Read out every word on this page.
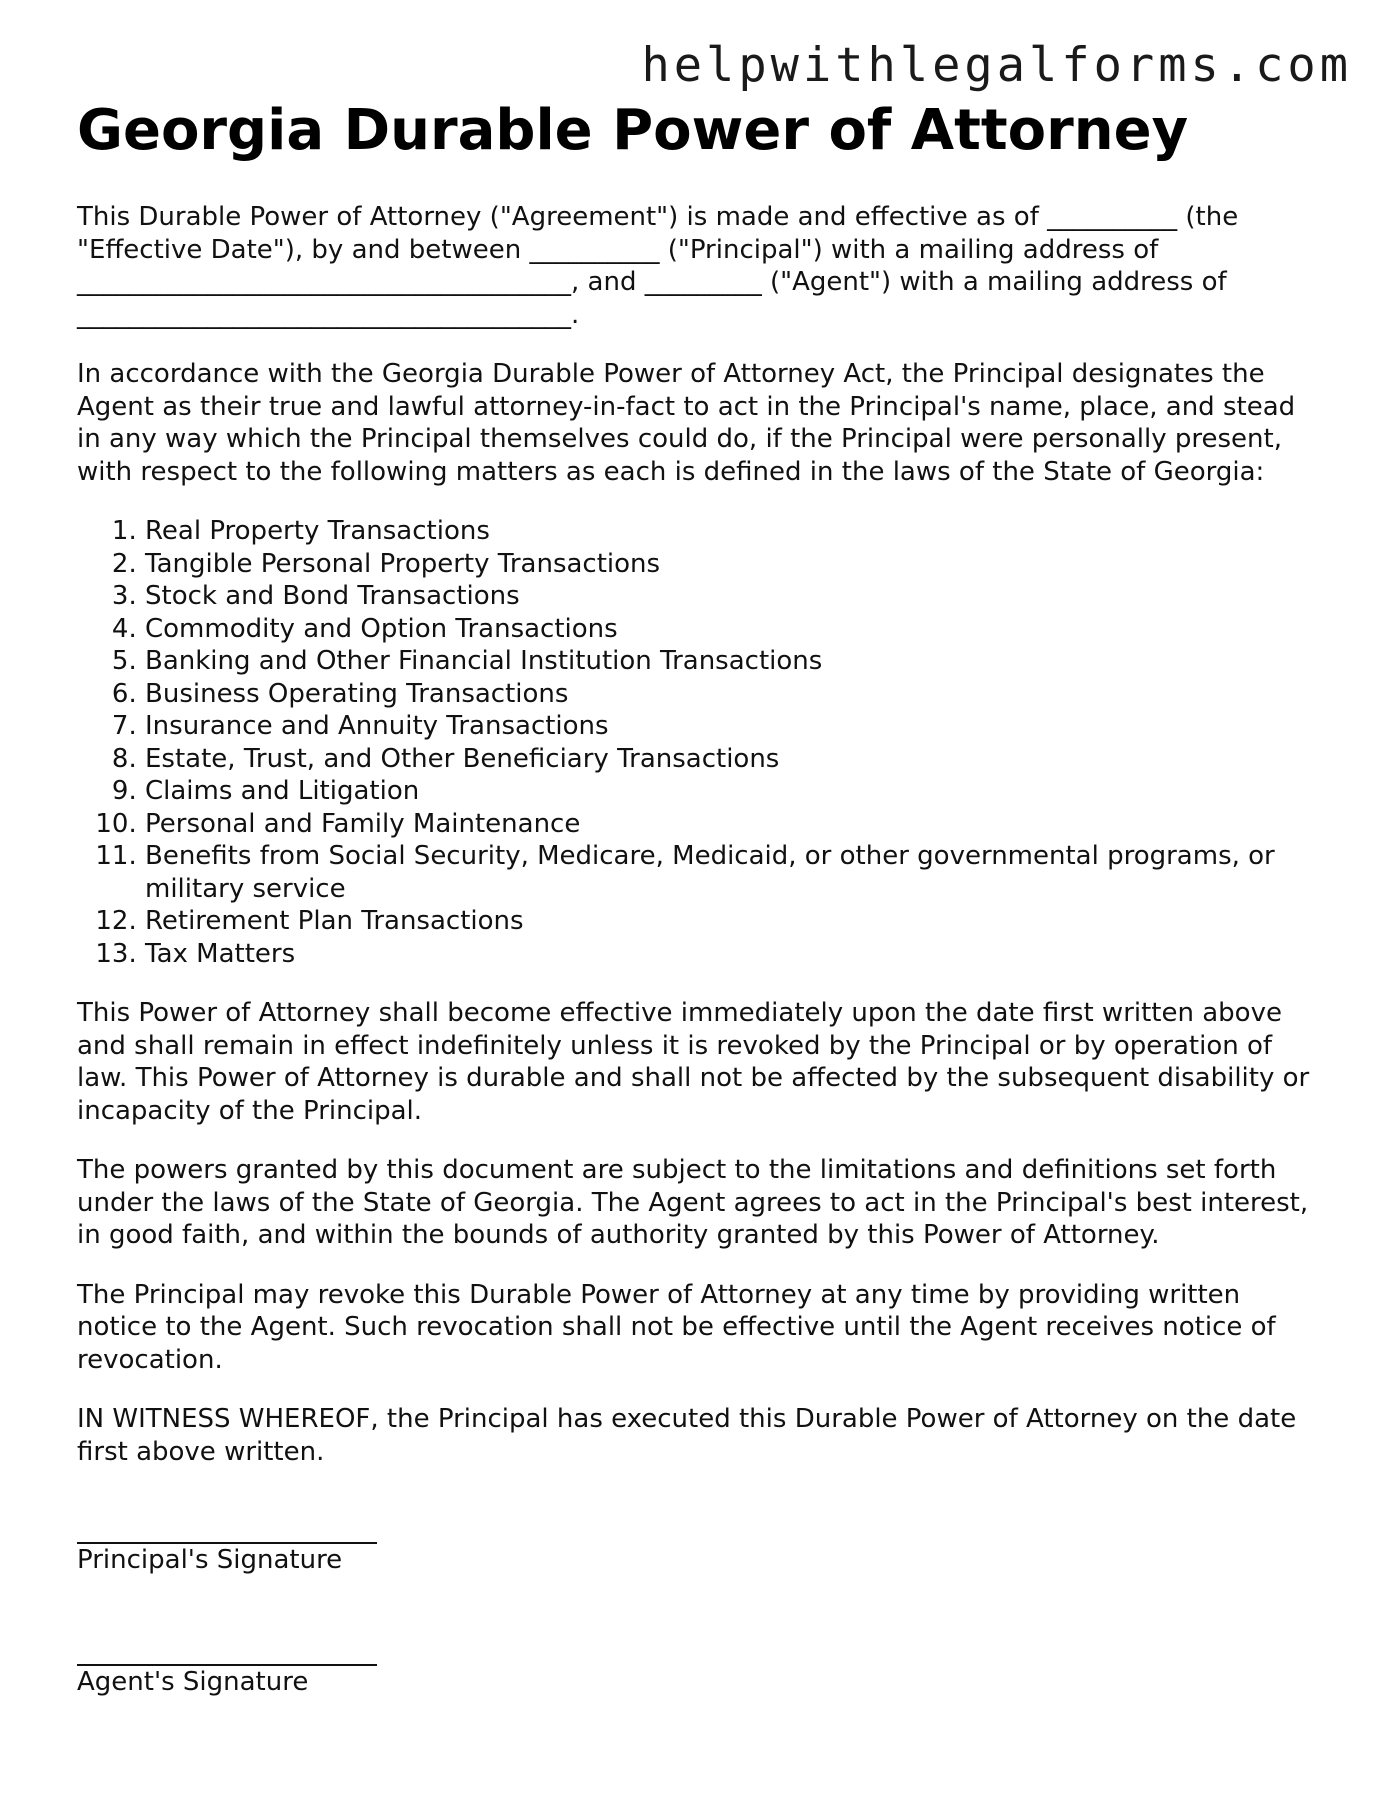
helpwithlegalforms.com
Georgia Durable Power of Attorney

This Durable Power of Attorney ("Agreement") is made and effective as of __________ (the "Effective Date"), by and between __________ ("Principal") with a mailing address of ______________________________________, and _________ ("Agent") with a mailing address of ______________________________________.

In accordance with the Georgia Durable Power of Attorney Act, the Principal designates the Agent as their true and lawful attorney-in-fact to act in the Principal's name, place, and stead in any way which the Principal themselves could do, if the Principal were personally present, with respect to the following matters as each is defined in the laws of the State of Georgia:

1. Real Property Transactions
2. Tangible Personal Property Transactions
3. Stock and Bond Transactions
4. Commodity and Option Transactions
5. Banking and Other Financial Institution Transactions
6. Business Operating Transactions
7. Insurance and Annuity Transactions
8. Estate, Trust, and Other Beneficiary Transactions
9. Claims and Litigation
10. Personal and Family Maintenance
11. Benefits from Social Security, Medicare, Medicaid, or other governmental programs, or military service
12. Retirement Plan Transactions
13. Tax Matters

This Power of Attorney shall become effective immediately upon the date first written above and shall remain in effect indefinitely unless it is revoked by the Principal or by operation of law. This Power of Attorney is durable and shall not be affected by the subsequent disability or incapacity of the Principal.

The powers granted by this document are subject to the limitations and definitions set forth under the laws of the State of Georgia. The Agent agrees to act in the Principal's best interest, in good faith, and within the bounds of authority granted by this Power of Attorney.

The Principal may revoke this Durable Power of Attorney at any time by providing written notice to the Agent. Such revocation shall not be effective until the Agent receives notice of revocation.

IN WITNESS WHEREOF, the Principal has executed this Durable Power of Attorney on the date first above written.

Principal's Signature
Agent's Signature
